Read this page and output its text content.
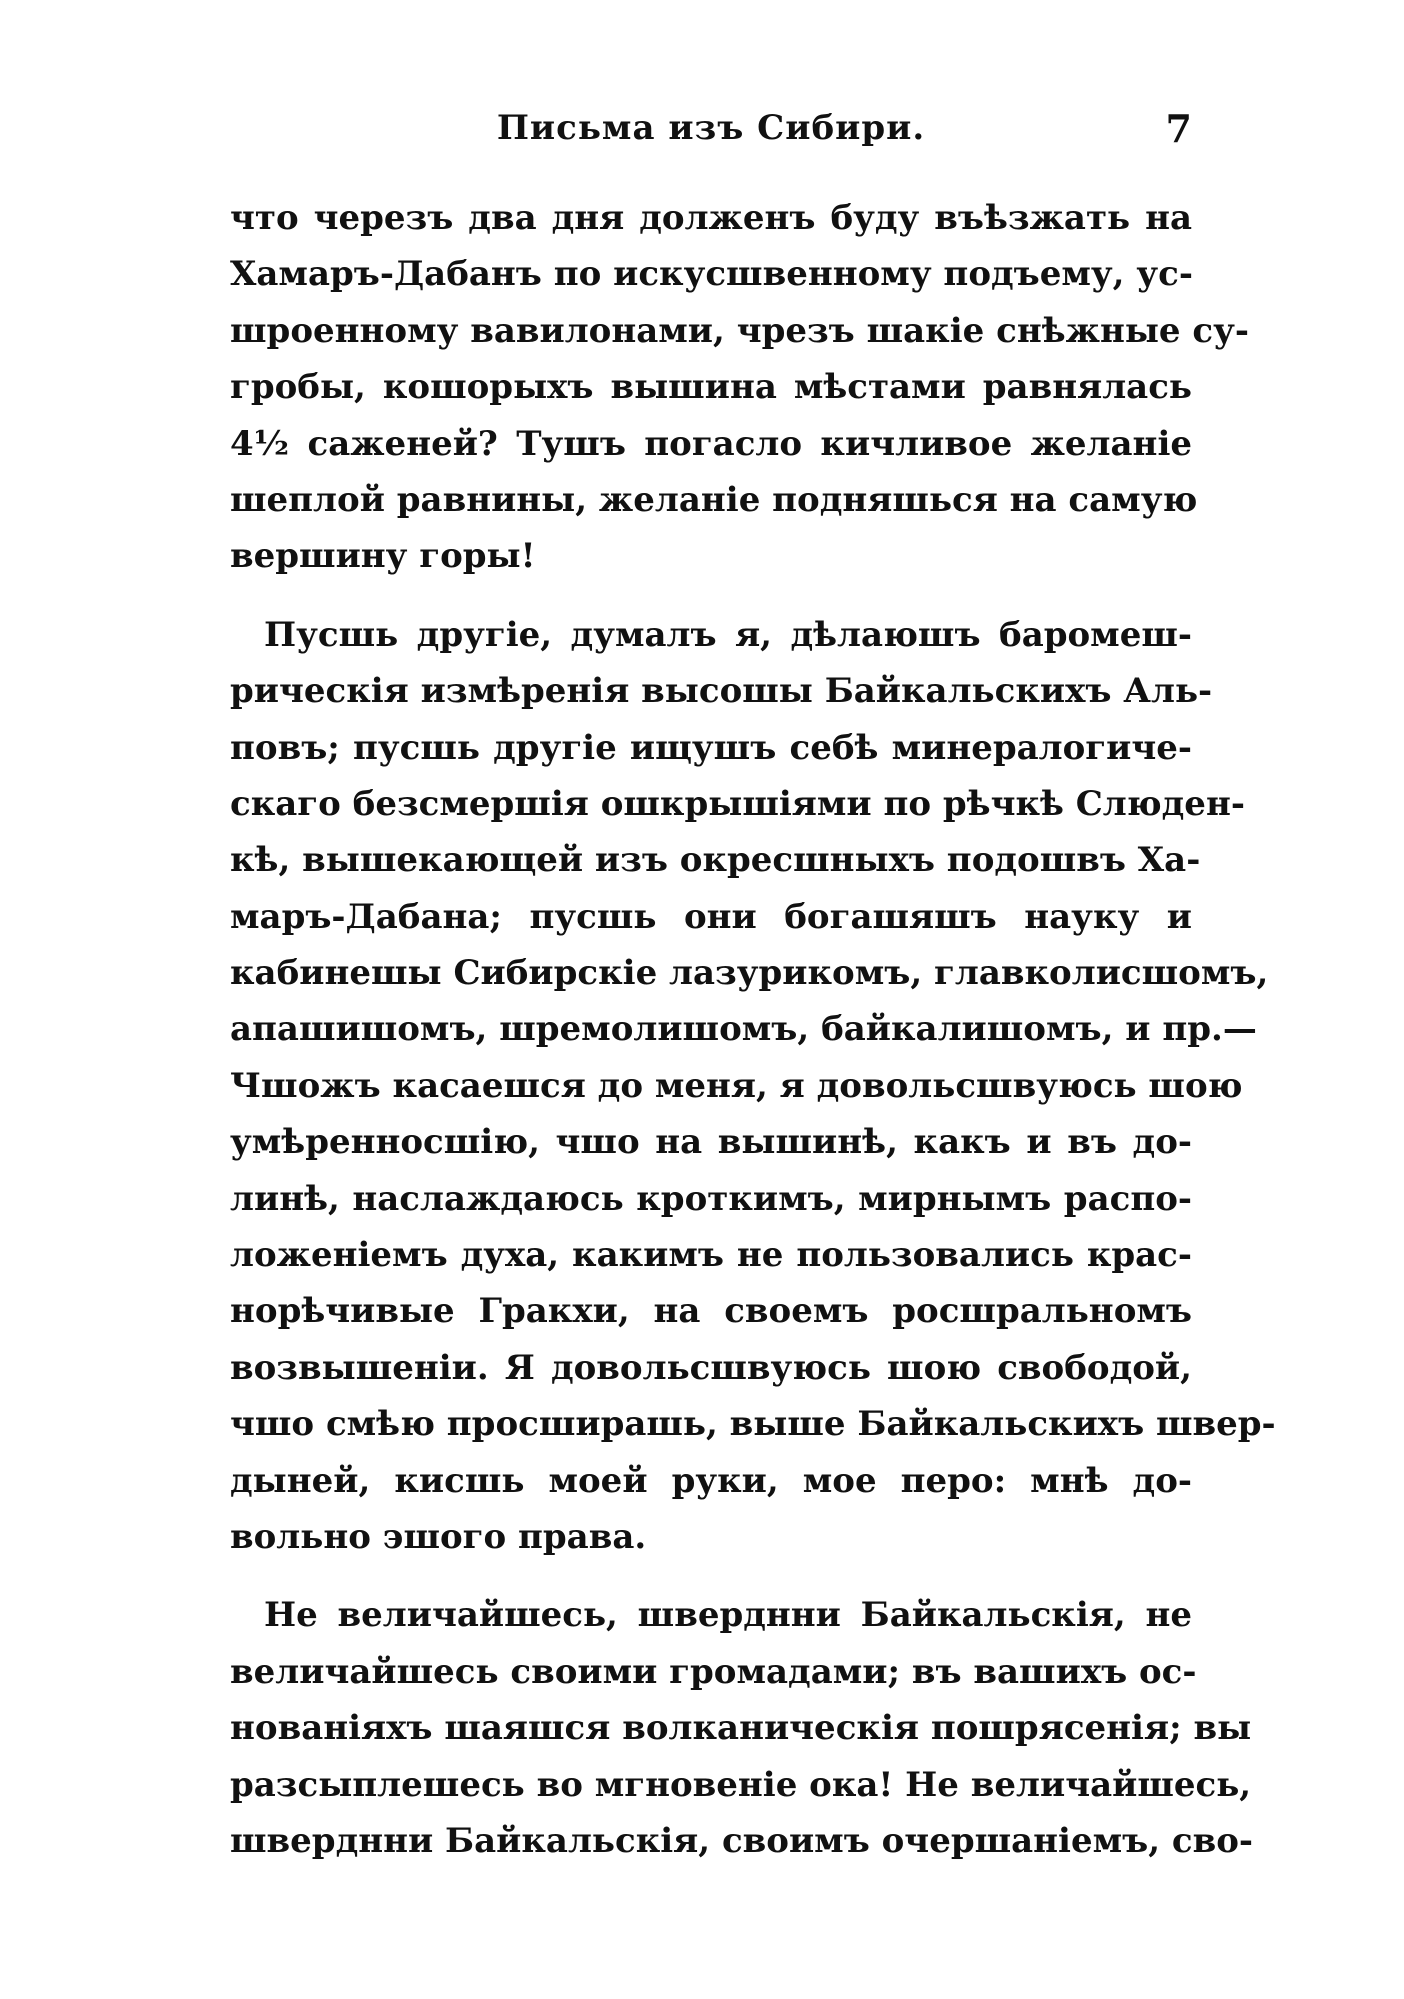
Письма изъ Сибири.	7
что черезъ два дня долженъ буду въѣзжать на
Хамаръ-Дабанъ по искусшвенному подъему, ус-
шроенному вавилонами, чрезъ шакіе снѣжные су-
гробы, кошорыхъ вышина мѣстами равнялась
4½ саженей? Тушъ погасло кичливое желаніе
шеплой равнины, желаніе подняшься на самую
вершину горы!
Пусшь другіе, думалъ я, дѣлаюшъ баромеш-
рическія измѣренія высошы Байкальскихъ Аль-
повъ; пусшь другіе ищушъ себѣ минералогиче-
скаго безсмершія ошкрышіями по рѣчкѣ Слюден-
кѣ, вышекающей изъ окресшныхъ подошвъ Ха-
маръ-Дабана; пусшь они богашяшъ науку и
кабинешы Сибирскіе лазурикомъ, главколисшомъ,
апашишомъ, шремолишомъ, байкалишомъ, и пр.—
Чшожъ касаешся до меня, я довольсшвуюсь шою
умѣренносшію, чшо на вышинѣ, какъ и въ до-
линѣ, наслаждаюсь кроткимъ, мирнымъ распо-
ложеніемъ духа, какимъ не пользовались крас-
норѣчивые Гракхи, на своемъ росшральномъ
возвышеніи. Я довольсшвуюсь шою свободой,
чшо смѣю просширашь, выше Байкальскихъ швер-
дыней, кисшь моей руки, мое перо: мнѣ до-
вольно эшого права.
Не величайшесь, шверднни Байкальскія, не
величайшесь своими громадами; въ вашихъ ос-
нованіяхъ шаяшся волканическія пошрясенія; вы
разсыплешесь во мгновеніе ока! Не величайшесь,
шверднни Байкальскія, своимъ очершаніемъ, сво-
